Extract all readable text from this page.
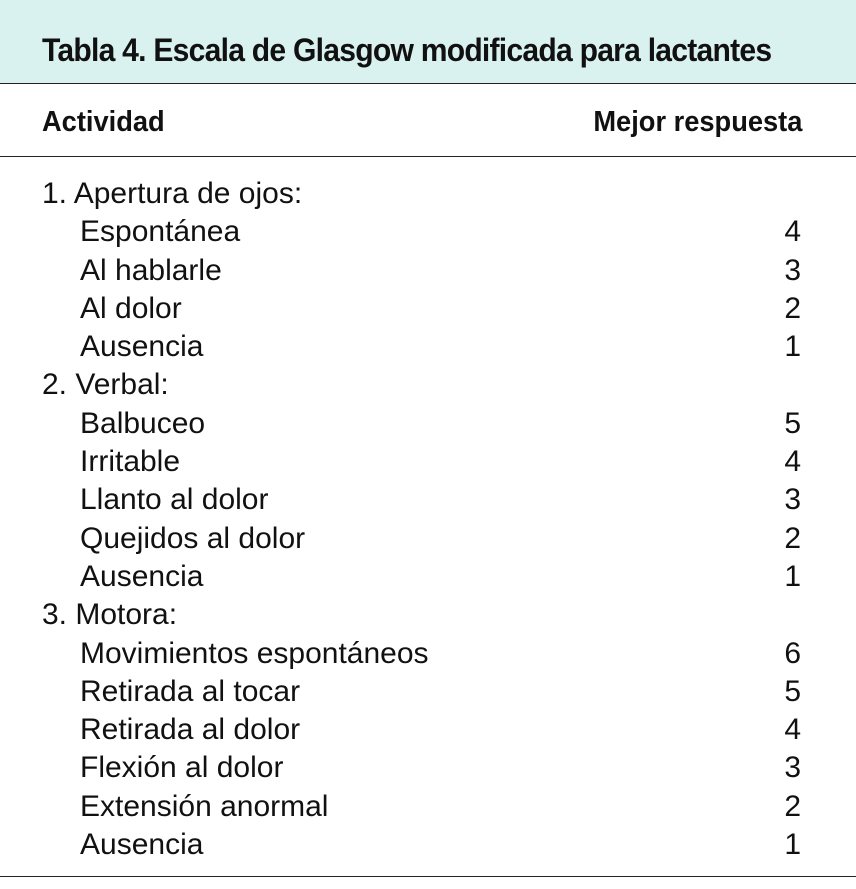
Tabla 4. Escala de Glasgow modificada para lactantes
Actividad	Mejor respuesta
1. Apertura de ojos:
Espontánea	4
Al hablarle	3
Al dolor	2
Ausencia	1
2. Verbal:
Balbuceo	5
Irritable	4
Llanto al dolor	3
Quejidos al dolor	2
Ausencia	1
3. Motora:
Movimientos espontáneos	6
Retirada al tocar	5
Retirada al dolor	4
Flexión al dolor	3
Extensión anormal	2
Ausencia	1
